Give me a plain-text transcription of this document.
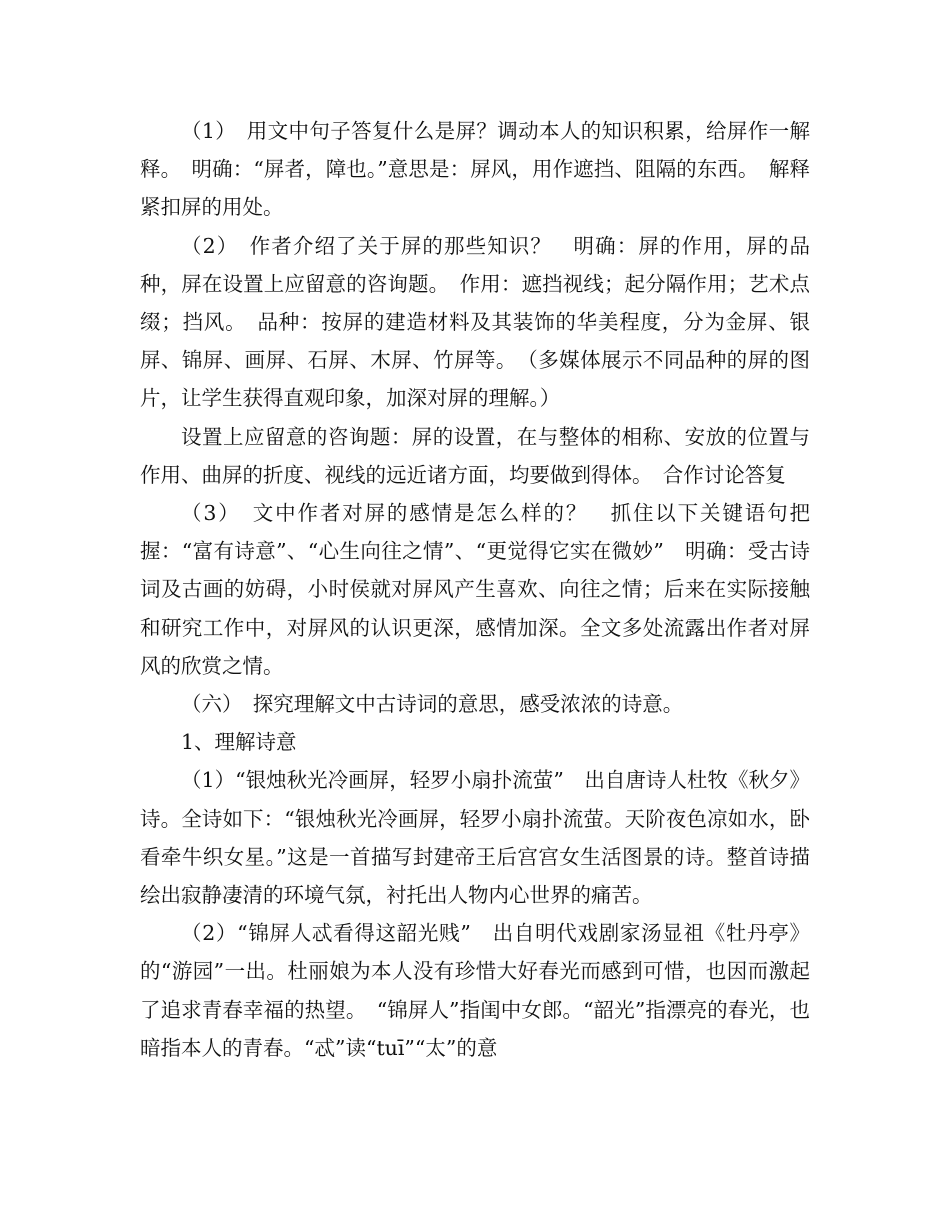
（1）　用文中句子答复什么是屏？调动本人的知识积累，给屏作一解释。　明确：“屏者，障也。”意思是：屏风，用作遮挡、阻隔的东西。　解释紧扣屏的用处。

（2）　作者介绍了关于屏的那些知识？　明确：屏的作用，屏的品种，屏在设置上应留意的咨询题。　作用：遮挡视线；起分隔作用；艺术点缀；挡风。　品种：按屏的建造材料及其装饰的华美程度，分为金屏、银屏、锦屏、画屏、石屏、木屏、竹屏等。　（多媒体展示不同品种的屏的图片，让学生获得直观印象，加深对屏的理解。）

设置上应留意的咨询题：屏的设置，在与整体的相称、安放的位置与作用、曲屏的折度、视线的远近诸方面，均要做到得体。　合作讨论答复

（3）　文中作者对屏的感情是怎么样的？　抓住以下关键语句把握：“富有诗意”、“心生向往之情”、“更觉得它实在微妙”　明确：受古诗词及古画的妨碍，小时侯就对屏风产生喜欢、向往之情；后来在实际接触和研究工作中，对屏风的认识更深，感情加深。全文多处流露出作者对屏风的欣赏之情。

（六）　探究理解文中古诗词的意思，感受浓浓的诗意。

1、理解诗意

（1）“银烛秋光冷画屏，轻罗小扇扑流萤”　出自唐诗人杜牧《秋夕》诗。全诗如下：“银烛秋光冷画屏，轻罗小扇扑流萤。天阶夜色凉如水，卧看牵牛织女星。”这是一首描写封建帝王后宫宫女生活图景的诗。整首诗描绘出寂静凄清的环境气氛，衬托出人物内心世界的痛苦。

（2）“锦屏人忒看得这韶光贱”　出自明代戏剧家汤显祖《牡丹亭》的“游园”一出。杜丽娘为本人没有珍惜大好春光而感到可惜，也因而激起了追求青春幸福的热望。　“锦屏人”指闺中女郎。“韶光”指漂亮的春光，也暗指本人的青春。“忒”读“tuī”“太”的意
